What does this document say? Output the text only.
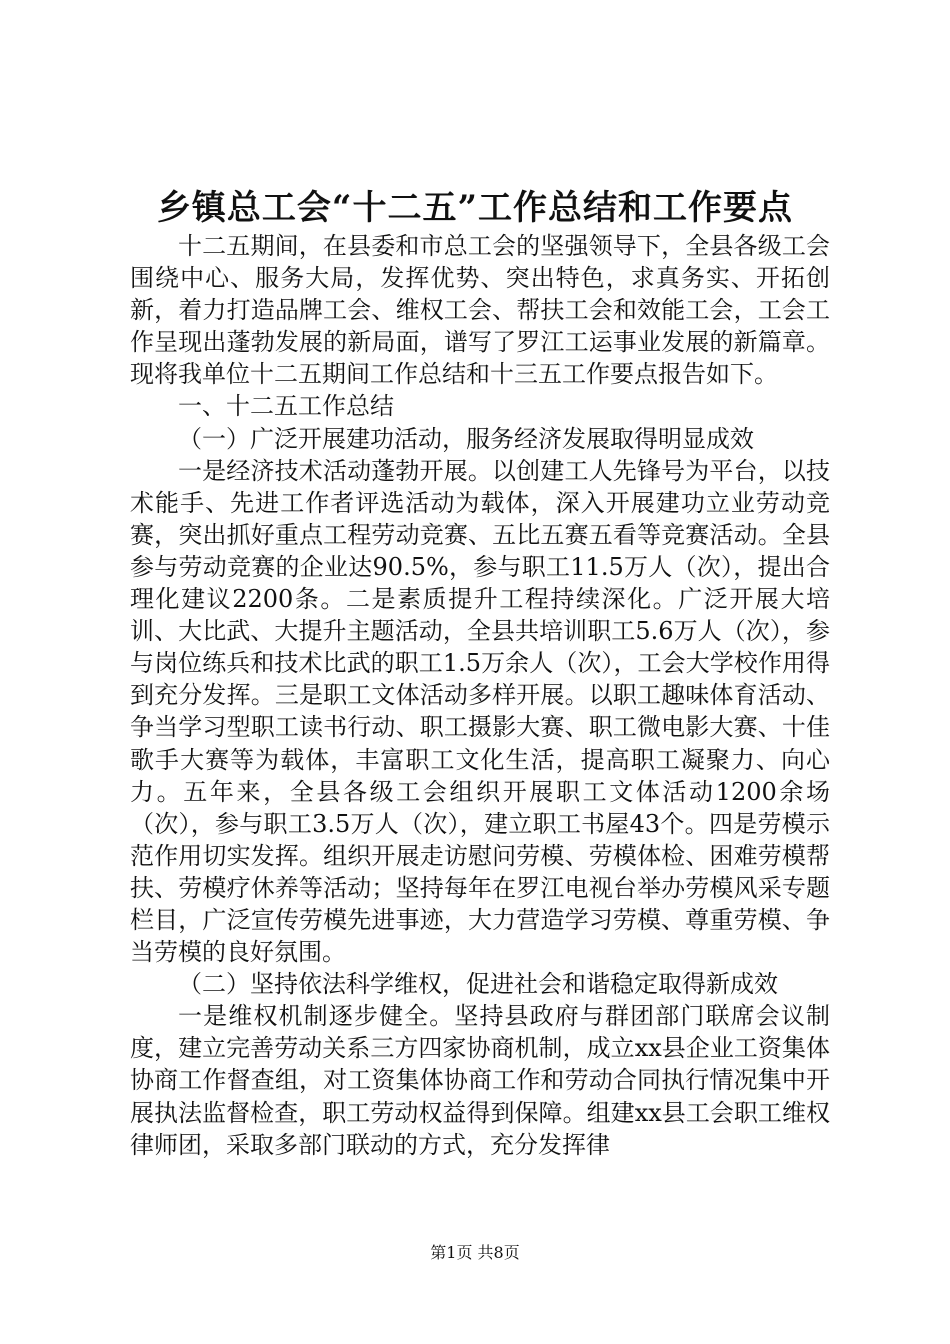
乡镇总工会“十二五”工作总结和工作要点

十二五期间，在县委和市总工会的坚强领导下，全县各级工会围绕中心、服务大局，发挥优势、突出特色，求真务实、开拓创新，着力打造品牌工会、维权工会、帮扶工会和效能工会，工会工作呈现出蓬勃发展的新局面，谱写了罗江工运事业发展的新篇章。现将我单位十二五期间工作总结和十三五工作要点报告如下。

一、十二五工作总结

（一）广泛开展建功活动，服务经济发展取得明显成效

一是经济技术活动蓬勃开展。以创建工人先锋号为平台，以技术能手、先进工作者评选活动为载体，深入开展建功立业劳动竞赛，突出抓好重点工程劳动竞赛、五比五赛五看等竞赛活动。全县参与劳动竞赛的企业达90.5%，参与职工11.5万人（次），提出合理化建议2200条。二是素质提升工程持续深化。广泛开展大培训、大比武、大提升主题活动，全县共培训职工5.6万人（次），参与岗位练兵和技术比武的职工1.5万余人（次），工会大学校作用得到充分发挥。三是职工文体活动多样开展。以职工趣味体育活动、争当学习型职工读书行动、职工摄影大赛、职工微电影大赛、十佳歌手大赛等为载体，丰富职工文化生活，提高职工凝聚力、向心力。五年来，全县各级工会组织开展职工文体活动1200余场（次），参与职工3.5万人（次），建立职工书屋43个。四是劳模示范作用切实发挥。组织开展走访慰问劳模、劳模体检、困难劳模帮扶、劳模疗休养等活动；坚持每年在罗江电视台举办劳模风采专题栏目，广泛宣传劳模先进事迹，大力营造学习劳模、尊重劳模、争当劳模的良好氛围。

（二）坚持依法科学维权，促进社会和谐稳定取得新成效

一是维权机制逐步健全。坚持县政府与群团部门联席会议制度，建立完善劳动关系三方四家协商机制，成立xx县企业工资集体协商工作督查组，对工资集体协商工作和劳动合同执行情况集中开展执法监督检查，职工劳动权益得到保障。组建xx县工会职工维权律师团，采取多部门联动的方式，充分发挥律

第1页 共8页
